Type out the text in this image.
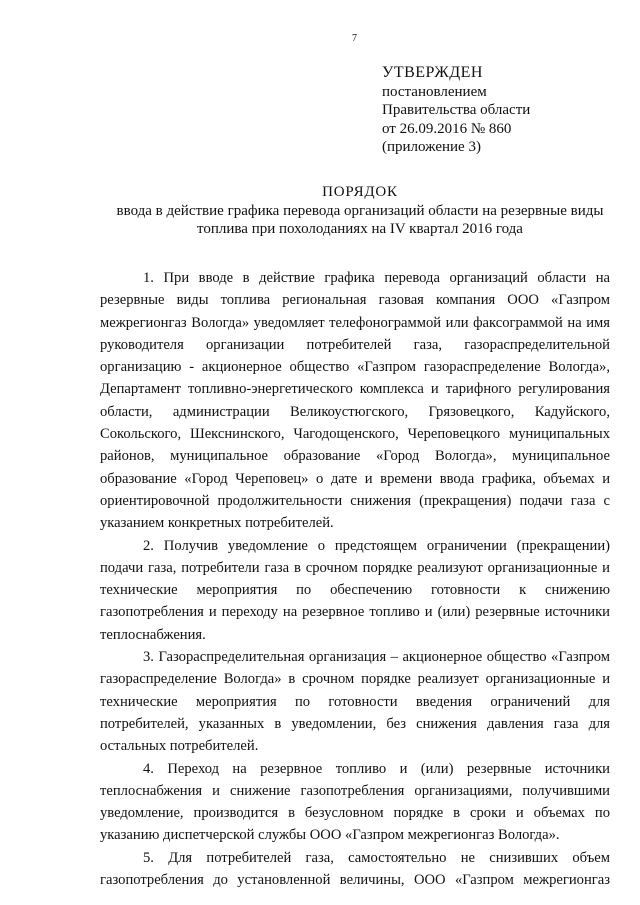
7
УТВЕРЖДЕН
постановлением
Правительства области
от 26.09.2016 № 860
(приложение 3)
ПОРЯДОК
ввода в действие графика перевода организаций области на резервные виды
топлива при похолоданиях на IV квартал 2016 года

1. При вводе в действие графика перевода организаций области на резервные виды топлива региональная газовая компания ООО «Газпром межрегионгаз Вологда» уведомляет телефонограммой или факсограммой на имя руководителя организации потребителей газа, газораспределительной организацию - акционерное общество «Газпром газораспределение Вологда», Департамент топливно-энергетического комплекса и тарифного регулирования области, администрации Великоустюгского, Грязовецкого, Кадуйского, Сокольского, Шекснинского, Чагодощенского, Череповецкого муниципальных районов, муниципальное образование «Город Вологда», муниципальное образование «Город Череповец» о дате и времени ввода графика, объемах и ориентировочной продолжительности снижения (прекращения) подачи газа с указанием конкретных потребителей.

2. Получив уведомление о предстоящем ограничении (прекращении) подачи газа, потребители газа в срочном порядке реализуют организационные и технические мероприятия по обеспечению готовности к снижению газопотребления и переходу на резервное топливо и (или) резервные источники теплоснабжения.

3. Газораспределительная организация – акционерное общество «Газпром газораспределение Вологда» в срочном порядке реализует организационные и технические мероприятия по готовности введения ограничений для потребителей, указанных в уведомлении, без снижения давления газа для остальных потребителей.

4. Переход на резервное топливо и (или) резервные источники теплоснабжения и снижение газопотребления организациями, получившими уведомление, производится в безусловном порядке в сроки и объемах по указанию диспетчерской службы ООО «Газпром межрегионгаз Вологда».

5. Для потребителей газа, самостоятельно не снизивших объем газопотребления до установленной величины, ООО «Газпром межрегионгаз
